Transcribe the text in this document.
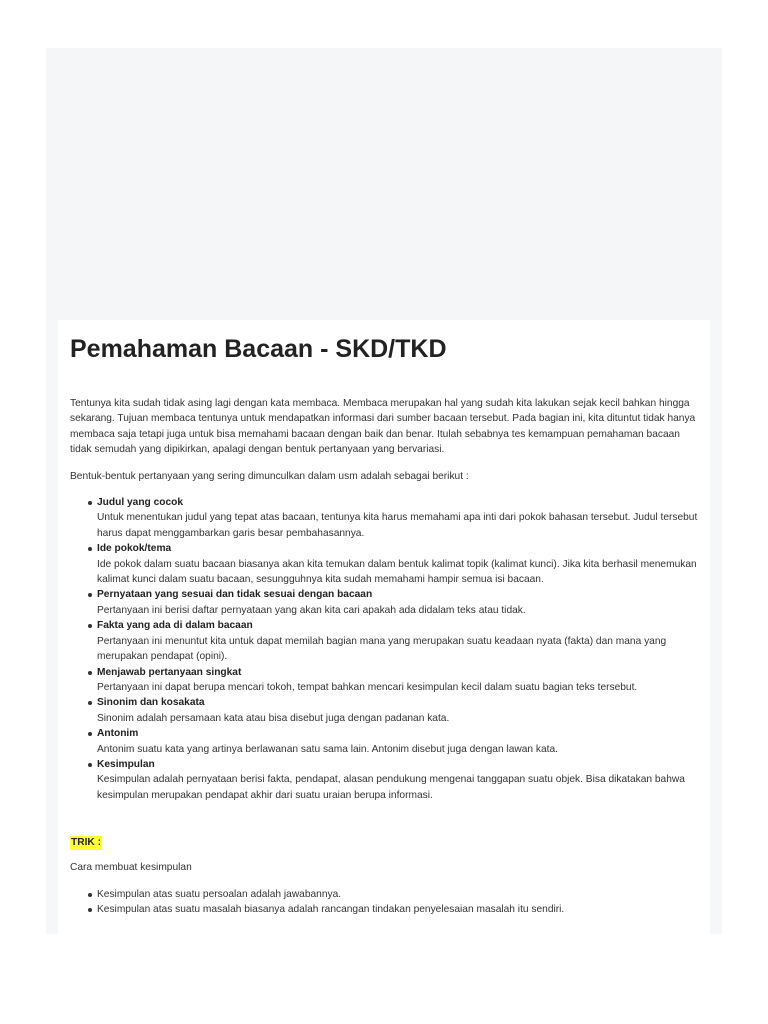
Pemahaman Bacaan - SKD/TKD

Tentunya kita sudah tidak asing lagi dengan kata membaca. Membaca merupakan hal yang sudah kita lakukan sejak kecil bahkan hingga sekarang. Tujuan membaca tentunya untuk mendapatkan informasi dari sumber bacaan tersebut. Pada bagian ini, kita dituntut tidak hanya membaca saja tetapi juga untuk bisa memahami bacaan dengan baik dan benar. Itulah sebabnya tes kemampuan pemahaman bacaan tidak semudah yang dipikirkan, apalagi dengan bentuk pertanyaan yang bervariasi.

Bentuk-bentuk pertanyaan yang sering dimunculkan dalam usm adalah sebagai berikut :

Judul yang cocok
Untuk menentukan judul yang tepat atas bacaan, tentunya kita harus memahami apa inti dari pokok bahasan tersebut. Judul tersebut harus dapat menggambarkan garis besar pembahasannya.
Ide pokok/tema
Ide pokok dalam suatu bacaan biasanya akan kita temukan dalam bentuk kalimat topik (kalimat kunci). Jika kita berhasil menemukan kalimat kunci dalam suatu bacaan, sesungguhnya kita sudah memahami hampir semua isi bacaan.
Pernyataan yang sesuai dan tidak sesuai dengan bacaan
Pertanyaan ini berisi daftar pernyataan yang akan kita cari apakah ada didalam teks atau tidak.
Fakta yang ada di dalam bacaan
Pertanyaan ini menuntut kita untuk dapat memilah bagian mana yang merupakan suatu keadaan nyata (fakta) dan mana yang merupakan pendapat (opini).
Menjawab pertanyaan singkat
Pertanyaan ini dapat berupa mencari tokoh, tempat bahkan mencari kesimpulan kecil dalam suatu bagian teks tersebut.
Sinonim dan kosakata
Sinonim adalah persamaan kata atau bisa disebut juga dengan padanan kata.
Antonim
Antonim suatu kata yang artinya berlawanan satu sama lain. Antonim disebut juga dengan lawan kata.
Kesimpulan
Kesimpulan adalah pernyataan berisi fakta, pendapat, alasan pendukung mengenai tanggapan suatu objek. Bisa dikatakan bahwa kesimpulan merupakan pendapat akhir dari suatu uraian berupa informasi.
TRIK :

Cara membuat kesimpulan

Kesimpulan atas suatu persoalan adalah jawabannya.
Kesimpulan atas suatu masalah biasanya adalah rancangan tindakan penyelesaian masalah itu sendiri.
